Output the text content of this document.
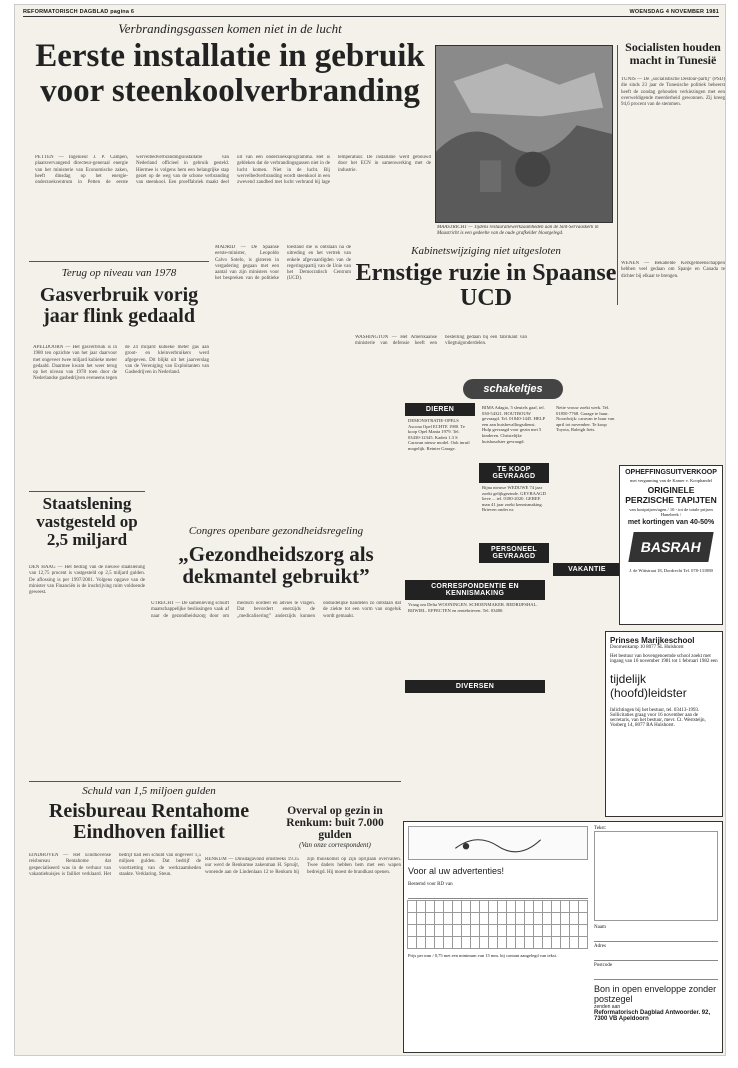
REFORMATORISCH DAGBLAD pagina 6	WOENSDAG 4 NOVEMBER 1981
Verbrandingsgassen komen niet in de lucht
Eerste installatie in gebruik voor steenkoolverbranding
PETTEN — Ingenieur J. P. Campen, plaatsvervangend directeur-generaal energie van het ministerie van Economische zaken, heeft dinsdag op het energie-onderzoekcentrum in Petten de eerste wervelbedverbrandingsinstallatie van Nederland officieel in gebruik gesteld. Hiermee is volgens hem een belangrijke stap gezet op de weg van de schone verbranding van steenkool. Een proeffabriek maakt deel uit van een onderzoeksprogramma. Het is gebleken dat de verbrandingsgassen niet in de lucht komen. Niet in de lucht. Bij wervelbedverbranding wordt steenkool in een zwevend zandbed met lucht verbrand bij lage temperatuur. De installatie werd gebouwd door het ECN in samenwerking met de industrie.
MAASTRICHT — Tijdens restauratiewerkzaamheden aan de Sint-Servaaskerk in Maastricht is een gedeelte van de oude grafkelder blootgelegd.
Socialisten houden macht in Tunesië
TUNIS — De „socialistische Destour-partij” (PSD) die sinds 23 jaar de Tunesische politiek beheerst heeft de zondag gehouden verkiezingen met een overweldigende meerderheid gewonnen. Zij kreeg 94,6 procent van de stemmen.
WENEN — Bekabelde Kerkgemeenschappen hebben veel gedaan om Spanje en Canada te dichter bij elkaar te brengen.
Terug op niveau van 1978
Gasverbruik vorig jaar flink gedaald
APELDOORN — Het gasverbruik is in 1980 ten opzichte van het jaar daarvoor met ongeveer twee miljard kubieke meter gedaald. Daarmee kwam het weer terug op het niveau van 1978 toen door de Nederlandse gasbedrijven eveneens tegen de 24 miljard kubieke meter gas aan groot- en kleinverbruikers werd afgegeven. Dit blijkt uit het jaarverslag van de Vereniging van Exploitanten van Gasbedrijven in Nederland.
Kabinetswijziging niet uitgesloten
Ernstige ruzie in Spaanse UCD
MADRID — De Spaanse eerste-minister, Leopoldo Calvo Sotelo, is gisteren in vergadering gegaan met een aantal van zijn ministers voor het bespreken van de politieke toestand die is ontstaan na de uitreding en het vertrek van enkele afgevaardigden van de regeringspartij van de Unie van het Democratisch Centrum (UCD).
WASHINGTON — Het Amerikaanse ministerie van defensie heeft een bestelling gedaan bij een fabrikant van vliegtuigonderdelen.
Staatslening vastgesteld op 2,5 miljard
DEN HAAG — Het bedrag van de nieuwe staatslening van 12,75 procent is vastgesteld op 2,5 miljard gulden. De aflossing is per 1997/2001. Volgens opgave van de minister van Financiën is de inschrijving ruim voldoende geweest.
Congres openbare gezondheidsregeling
„Gezondheidszorg als dekmantel gebruikt”
UTRECHT — De samenleving schuift maatschappelijke beslissingen vaak af naar de gezondheidszorg door om medisch oordeel en advies te vragen. Dat bevordert enerzijds de „medicalisering” anderzijds kunnen onduidelijke handelen zo ontstaan dat de ziekte tot een vorm van ongeluk wordt gemaakt.
schakeltjes
DIEREN
DEMONSTRATIE-OPELS Ascona Opel ECHTE 1980. Te koop Opel Manta 1979. Tel. 03430-12345. Kadett 1.3 S Caravan nieuw model. Ook inruil mogelijk. Reinier Garage.
RIMA Adagio, 5 sleutels gaaf, tel. 030-54321. HOUTBOUW gevraagd. Tel. 01840-1445. HELP een aan huisbevallingsdienst. Hulp gevraagd voor gezin met 5 kinderen. Christelijke huishoudster gevraagd.
TE KOOP GEVRAAGD
Bijna nieuwe WEDUWE 74 jaar zoekt gelijkgezinde. GEVRAAGD lieve ... tel. 0180-2020. GEREF. man 41 jaar zoekt kennismaking. Brieven onder nr.
PERSONEEL GEVRAAGD
Nette vrouw zoekt werk. Tel. 01850-7768. Garage te huur. Noordwijk: caravan te huur van april tot november. Te koop Toyota, Raleigh fiets.
VAKANTIE
CORRESPONDENTIE EN KENNISMAKING
Vraag om Delta WOONINGEN. SCHOENMAKER. BEDRIJFSHAL. RIJWIEL. EFFECTEN en rentebrieven. Tel. 03480.
DIVERSEN
OPHEFFINGSUITVERKOOP
met vergunning van de Kamer v. Koophandel
ORIGINELE PERZISCHE TAPIJTEN
van kostprijsen/agen / 10 - tot de totale prijsen Hanebeek /
met kortingen van 40-50%
BASRAH
J. de Wittstraat 18, Dordrecht Tel. 078-131880
Prinses Marijkeschool
Doornenkamp 10 8077 SL Hulshorst
Het bestuur van bovengenoemde school zoekt met ingang van 16 november 1981 tot 1 februari 1982 een
tijdelijk (hoofd)leidster
Inlichtingen bij het bestuur, tel. 03413-1993. Sollicitaties graag voor 16 november aan de secretaris, van het bestuur, mevr. Ct. Weststeijn, Vosberg 14, 8077 RA Hulshorst.
Schuld van 1,5 miljoen gulden
Reisbureau Rentahome Eindhoven failliet
EINDHOVEN — Het Eindhovense reisbureau Rentahome dat gespecialiseerd was in de verhuur van vakantiehuisjes is failliet verklaard. Het bedrijf had een schuld van ongeveer 1,5 miljoen gulden. Dat bedrijf de voortzetting van de werkzaamheden staakte. Verklaring. Steun.
Overval op gezin in Renkum: buit 7.000 gulden
(Van onze correspondent)
RENKUM — Dinsdagavond omstreeks 19.35 uur werd de Renkumse zakenman H. Spruijt, wonende aan de Lindenlaan 12 te Renkum bij zijn thuiskomst op zijn oprijlaan overvallen. Twee daders hebben hem met een wapen bedreigd. Hij moest de brandkast openen.	Voor al uw advertenties!
Bestemd voor RD van
Prijs per mm / 0,75 met een minimum van 15 mm. bij contant aangelegd van tekst.
Tekst:
Naam
Adres
Postcode
Bon in open enveloppe zonder postzegel
zenden aan
Reformatorisch Dagblad Antwoorder. 92, 7300 VB Apeldoorn
